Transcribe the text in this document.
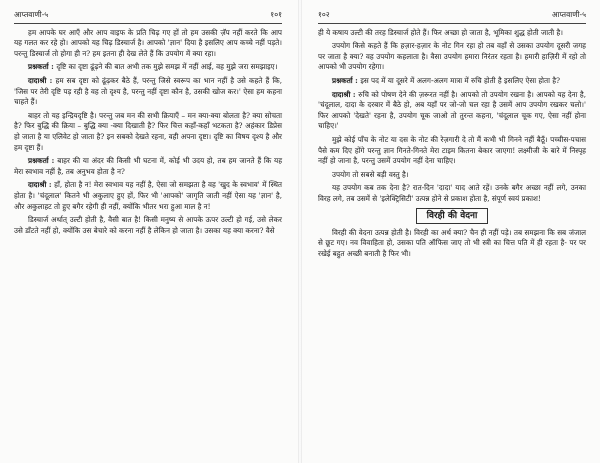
आप्तवाणी-५	१०१

हम आपके घर आएँ और आप वाइफ के प्रति चिढ़ गए हों तो हम उसकी ज़ॅप नहीं करते कि आप यह गलत कर रहे हो। आपको यह चिढ़ डिस्चार्ज है। आपको 'ज्ञान' दिया है इसलिए आप कच्चे नहीं पड़ते। परन्तु डिस्चार्ज तो होगा ही न? हम इतना ही देख लेते हैं कि उपयोग में क्या रहा।

प्रश्नकर्ता : दृष्टि का दृष्टा ढूंढ़ने की बात अभी तक मुझे समझ में नहीं आई, वह मुझे जरा समझाइए।

दादाश्री : हम सब दृष्टा को ढूंढ़कर बैठे हैं, परन्तु जिसे स्वरूप का भान नहीं है उसे कहते हैं कि, 'जिस पर तेरी दृष्टि पड़ रही है वह तो दृश्य है, परन्तु नहीं दृष्टा कौन है, उसकी खोज कर।' ऐसा हम कहना चाहते हैं।

बाहर तो यह इन्द्रियदृष्टि है। परन्तु जब मन की सभी क्रियाएँ – मन क्या-क्या बोलता है? क्या सोचता है? फिर बुद्धि की क्रिया – बुद्धि क्या -क्या दिखाती है? फिर चित्त कहाँ-कहाँ भटकता है? अहंकार डिप्रेस हो जाता है या एलिवेट हो जाता है? इन सबको देखते रहना, वही अपना दृष्टा। दृष्टि का विषय दृश्य है और हम दृष्टा हैं।

प्रश्नकर्ता : बाहर की या अंदर की किसी भी घटना में, कोई भी उदय हो, तब हम जानते हैं कि यह मेरा स्वभाव नहीं है, तब अनुभव होता है न?

दादाश्री : हाँ, होता है न! मेरा स्वभाव यह नहीं है, ऐसा जो समझता है वह 'खुद के स्वभाव' में स्थित होता है। 'चंदूलाल' कितने भी अकुलाए हुए हों, फिर भी 'आपको' जागृति जाती नहीं ऐसा यह 'ज्ञान' है, और अकुलाहट तो हुए बगैर रहेगी ही नहीं, क्योंकि भीतर भरा हुआ माल है न!

डिस्चार्ज अर्थात् उल्टी होती है, वैसी बात है! किसी मनुष्य से आपके ऊपर उल्टी हो गई, उसे लेकर उसे डाँटते नहीं हो, क्योंकि उस बेचारे को करना नहीं है लेकिन हो जाता है। उसका यह क्या करना? वैसे

१०२	आप्तवाणी-५

ही ये कषाय उल्टी की तरह डिस्चार्ज होते हैं। फिर अच्छा हो जाता है, भूमिका शुद्ध होती जाती है।

उपयोग किसे कहते हैं कि हज़ार-हज़ार के नोट गिन रहा हो तब वहाँ से उसका उपयोग दूसरी जगह पर जाता है क्या? वह उपयोग कहलाता है। वैसा उपयोग हमारा निरंतर रहता है। हमारी हाज़िरी में रहो तो आपको भी उपयोग रहेगा।

प्रश्नकर्ता : इस पद में या दूसरे में अलग-अलग मात्रा में रुचि होती है इसलिए ऐसा होता है?

दादाश्री : रुचि को पोषण देने की ज़रूरत नहीं है। आपको तो उपयोग रखना है। आपको यह देना है, 'चंदूलाल, दादा के दरबार में बैठे हो, अब यहाँ पर जो-जो चल रहा है उसमें आप उपयोग रखकर चलो।' फिर आपको 'देखते' रहना है, उपयोग चूक जाओ तो तुरन्त कहना, 'चंदूलाल चूक गए, ऐसा नहीं होना चाहिए।'

मुझे कोई पाँच के नोट या दस के नोट की रेज़गारी दे तो मैं कभी भी गिनने नहीं बैठूँ। पच्चीस-पचास पैसे कम दिए होंगे परन्तु ज्ञान गिनते-गिनते मेरा टाइम कितना बेकार जाएगा! लक्ष्मीजी के बारे में निस्पृह नहीं हो जाना है, परन्तु उसमें उपयोग नहीं देना चाहिए।

उपयोग तो सबसे बड़ी वस्तु है।

यह उपयोग कब तक देना है? रात-दिन 'दादा' याद आते रहें। उनके बगैर अच्छा नहीं लगे, उनका विरह लगे, तब उसमें से 'इलेक्ट्रिसिटी' उत्पन्न होने से प्रकाश होता है, संपूर्ण स्वयं प्रकाश!

विरही की वेदना

विरही की वेदना उत्पन्न होती है। विरही का अर्थ क्या? चैन ही नहीं पड़े। तब समझना कि सब जंजाल से छूट गए। नव विवाहिता हो, उसका पति ऑफिस जाए तो भी स्त्री का चित्त पति में ही रहता है- पर पर रखेई बहुत अच्छी बनाती है फिर भी।
